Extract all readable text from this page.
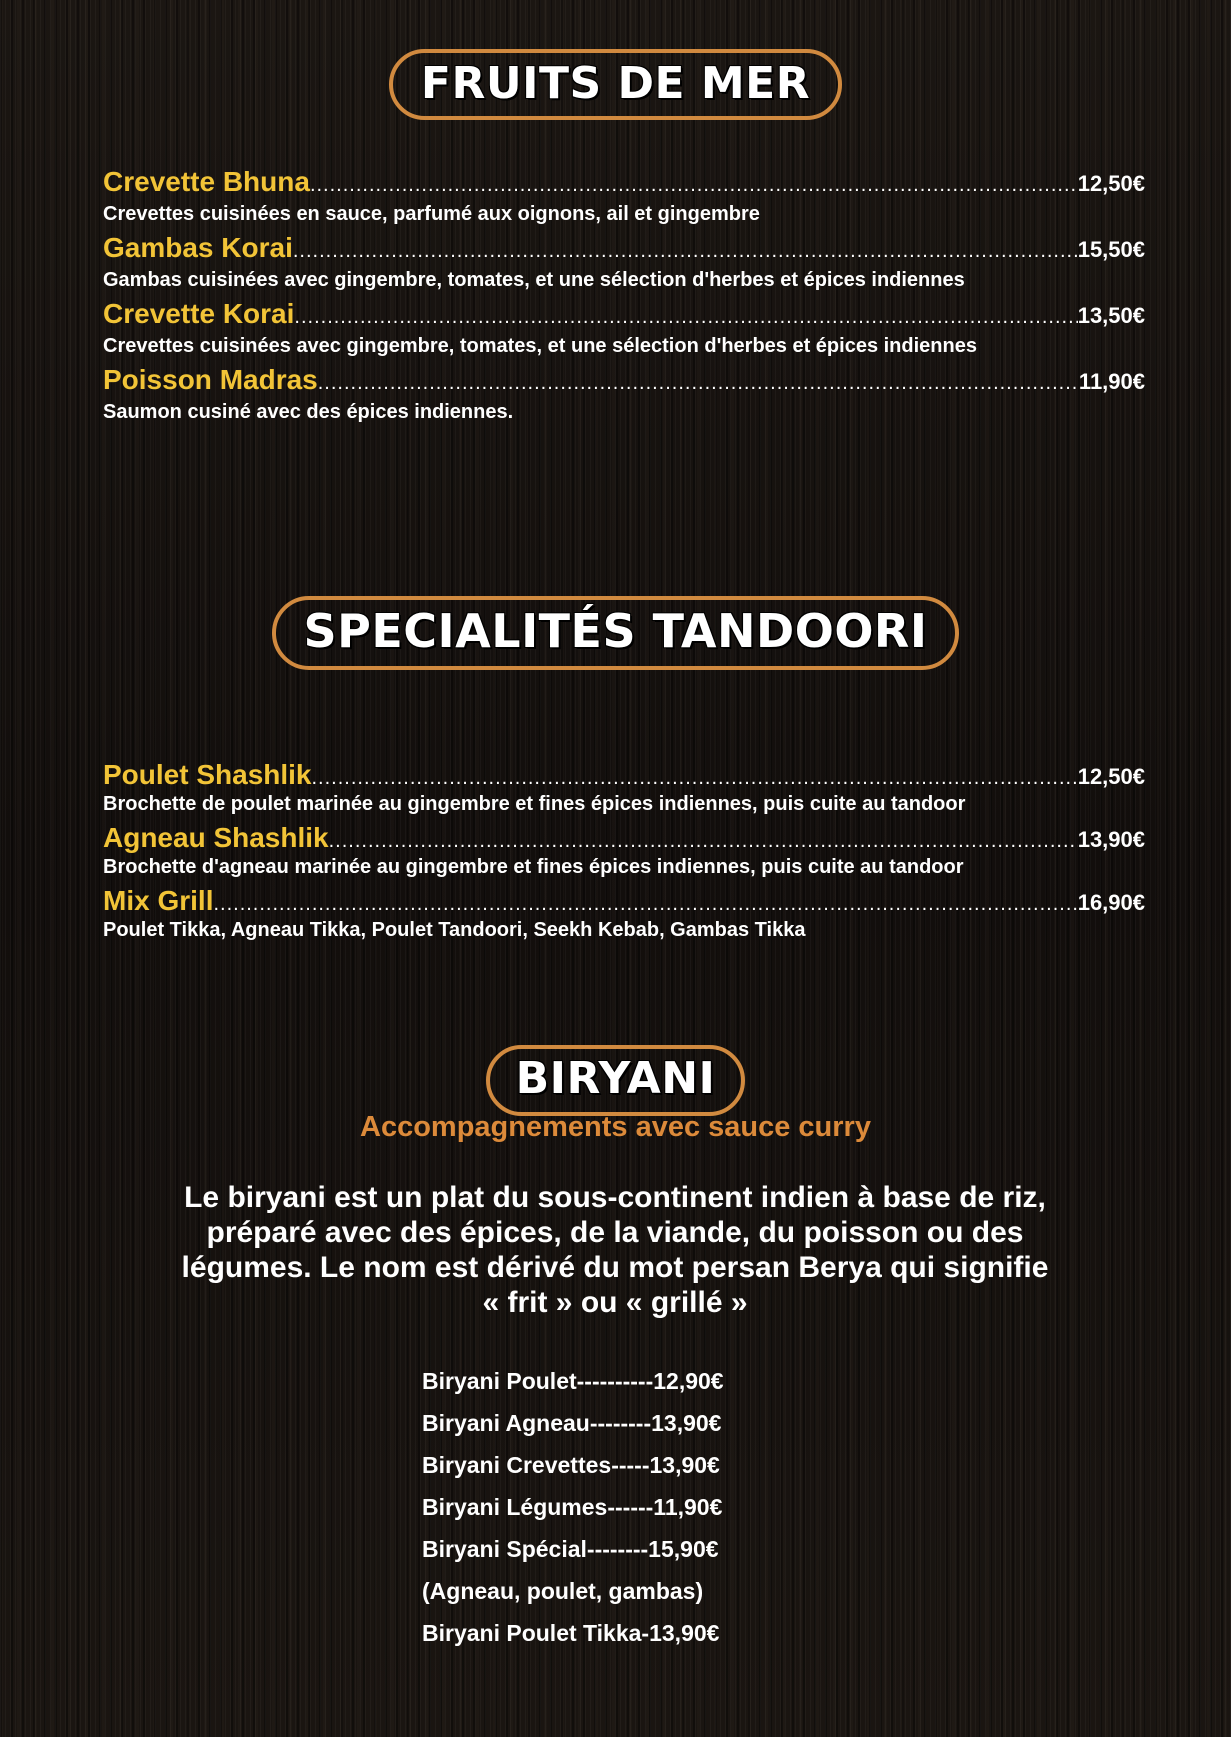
FRUITS DE MER
Crevette Bhuna .....	12,50€
Crevettes cuisinées en sauce, parfumé aux oignons, ail et gingembre
Gambas Korai .....	15,50€
Gambas cuisinées avec gingembre, tomates, et une sélection d'herbes et épices indiennes
Crevette Korai .....	13,50€
Crevettes cuisinées avec gingembre, tomates, et une sélection d'herbes et épices indiennes
Poisson Madras .....	11,90€
Saumon cusiné avec des épices indiennes.
SPECIALITÉS TANDOORI
Poulet Shashlik .....	12,50€
Brochette de poulet marinée au gingembre et fines épices indiennes, puis cuite au tandoor
Agneau Shashlik .....	13,90€
Brochette d'agneau marinée au gingembre et fines épices indiennes, puis cuite au tandoor
Mix Grill .....	16,90€
Poulet Tikka, Agneau Tikka, Poulet Tandoori, Seekh Kebab, Gambas Tikka
BIRYANI
Accompagnements avec sauce curry
Le biryani est un plat du sous-continent indien à base de riz,
préparé avec des épices, de la viande, du poisson ou des
légumes. Le nom est dérivé du mot persan Berya qui signifie
« frit » ou « grillé »
Biryani Poulet----------12,90€
Biryani Agneau--------13,90€
Biryani Crevettes-----13,90€
Biryani Légumes------11,90€
Biryani Spécial--------15,90€
(Agneau, poulet, gambas)
Biryani Poulet Tikka-13,90€
